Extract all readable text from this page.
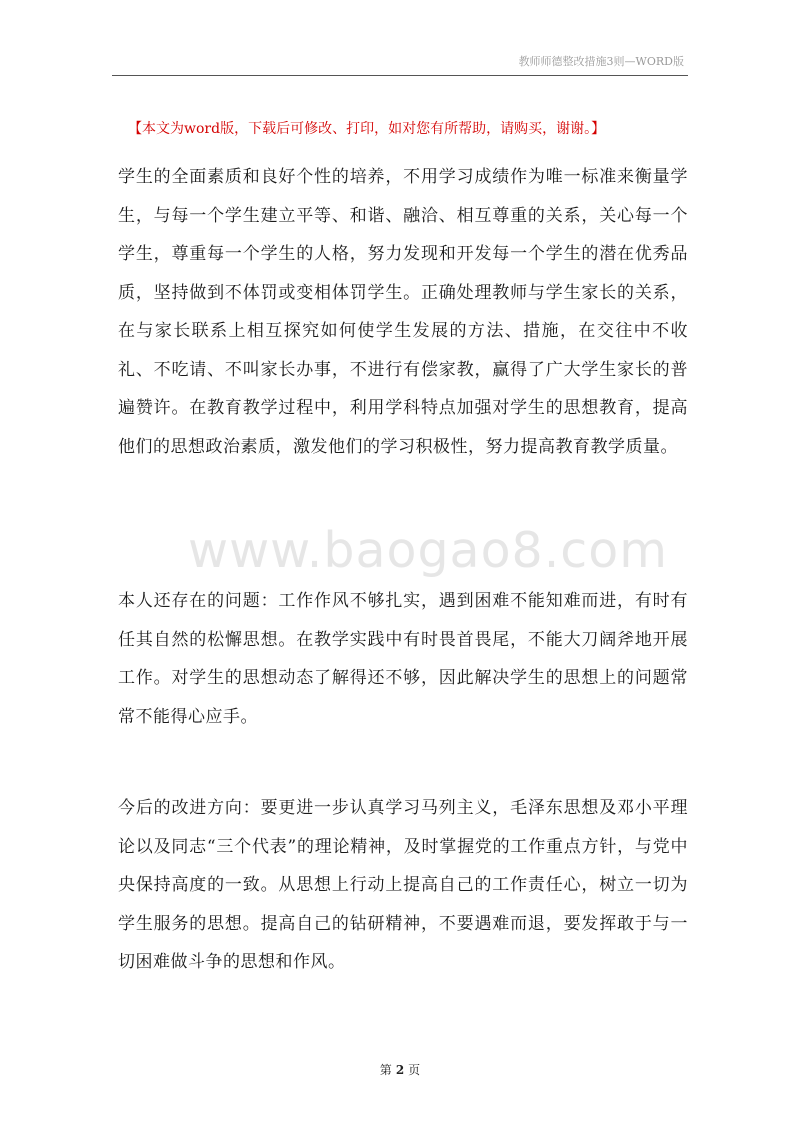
教师师德整改措施3则—WORD版
【本文为word版，下载后可修改、打印，如对您有所帮助，请购买，谢谢。】

学生的全面素质和良好个性的培养，不用学习成绩作为唯一标准来衡量学生，与每一个学生建立平等、和谐、融洽、相互尊重的关系，关心每一个学生，尊重每一个学生的人格，努力发现和开发每一个学生的潜在优秀品质，坚持做到不体罚或变相体罚学生。正确处理教师与学生家长的关系，在与家长联系上相互探究如何使学生发展的方法、措施，在交往中不收礼、不吃请、不叫家长办事，不进行有偿家教，赢得了广大学生家长的普遍赞许。在教育教学过程中，利用学科特点加强对学生的思想教育，提高他们的思想政治素质，激发他们的学习积极性，努力提高教育教学质量。

www.baogao8.com

本人还存在的问题：工作作风不够扎实，遇到困难不能知难而进，有时有任其自然的松懈思想。在教学实践中有时畏首畏尾，不能大刀阔斧地开展工作。对学生的思想动态了解得还不够，因此解决学生的思想上的问题常常不能得心应手。

今后的改进方向：要更进一步认真学习马列主义，毛泽东思想及邓小平理论以及同志“三个代表”的理论精神，及时掌握党的工作重点方针，与党中央保持高度的一致。从思想上行动上提高自己的工作责任心，树立一切为学生服务的思想。提高自己的钻研精神，不要遇难而退，要发挥敢于与一切困难做斗争的思想和作风。

第 2 页
